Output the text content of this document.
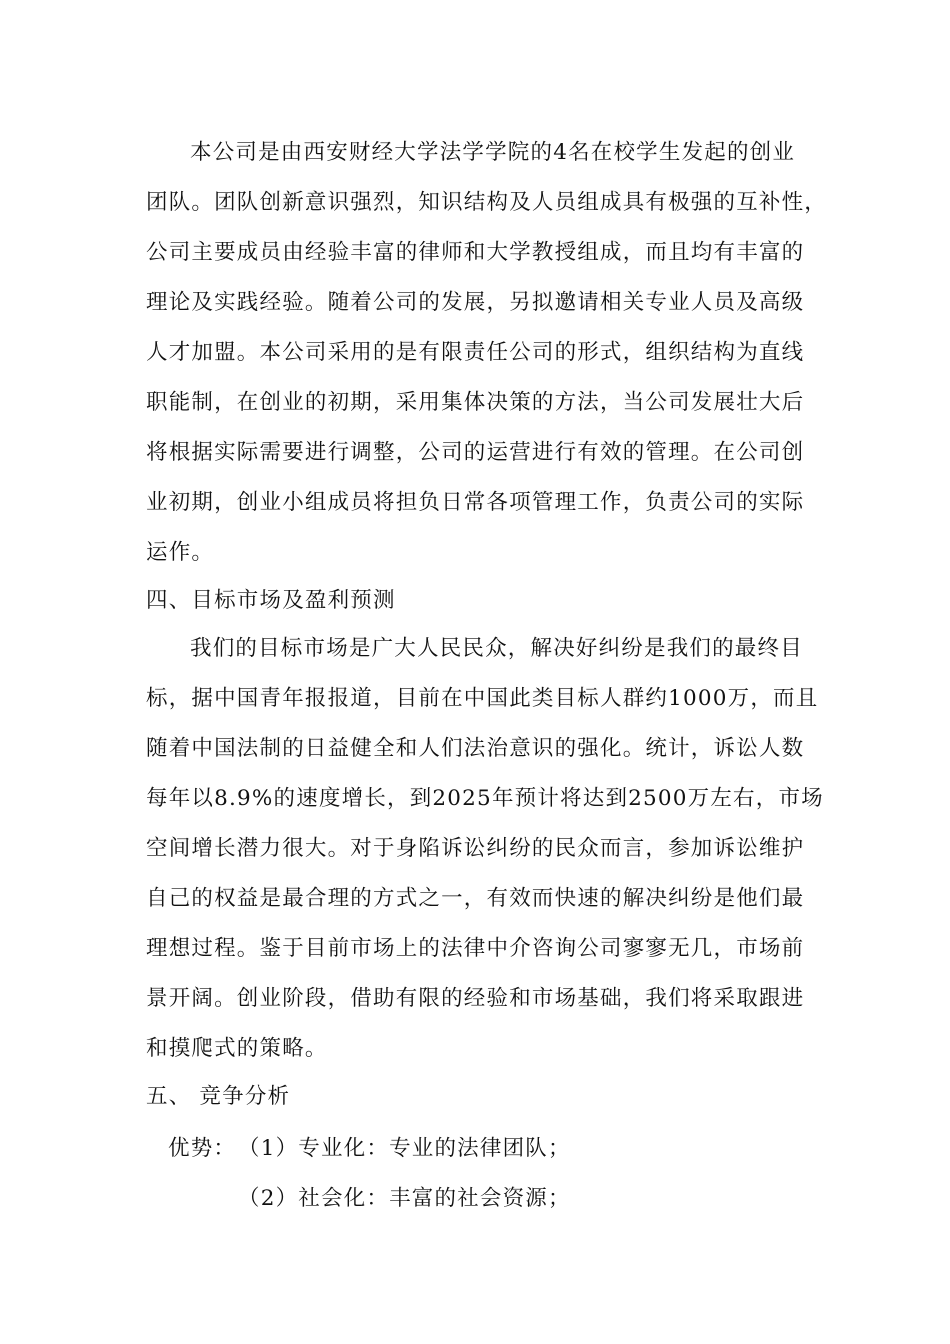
本公司是由西安财经大学法学学院的4名在校学生发起的创业
团队。团队创新意识强烈，知识结构及人员组成具有极强的互补性，
公司主要成员由经验丰富的律师和大学教授组成，而且均有丰富的
理论及实践经验。随着公司的发展，另拟邀请相关专业人员及高级
人才加盟。本公司采用的是有限责任公司的形式，组织结构为直线
职能制，在创业的初期，采用集体决策的方法，当公司发展壮大后
将根据实际需要进行调整，公司的运营进行有效的管理。在公司创
业初期，创业小组成员将担负日常各项管理工作，负责公司的实际
运作。
四、目标市场及盈利预测
我们的目标市场是广大人民民众，解决好纠纷是我们的最终目
标，据中国青年报报道，目前在中国此类目标人群约1000万，而且
随着中国法制的日益健全和人们法治意识的强化。统计，诉讼人数
每年以8.9%的速度增长，到2025年预计将达到2500万左右，市场
空间增长潜力很大。对于身陷诉讼纠纷的民众而言，参加诉讼维护
自己的权益是最合理的方式之一，有效而快速的解决纠纷是他们最
理想过程。鉴于目前市场上的法律中介咨询公司寥寥无几，市场前
景开阔。创业阶段，借助有限的经验和市场基础，我们将采取跟进
和摸爬式的策略。
五、 竞争分析
优势： （1）专业化：专业的法律团队；
（2）社会化：丰富的社会资源；
